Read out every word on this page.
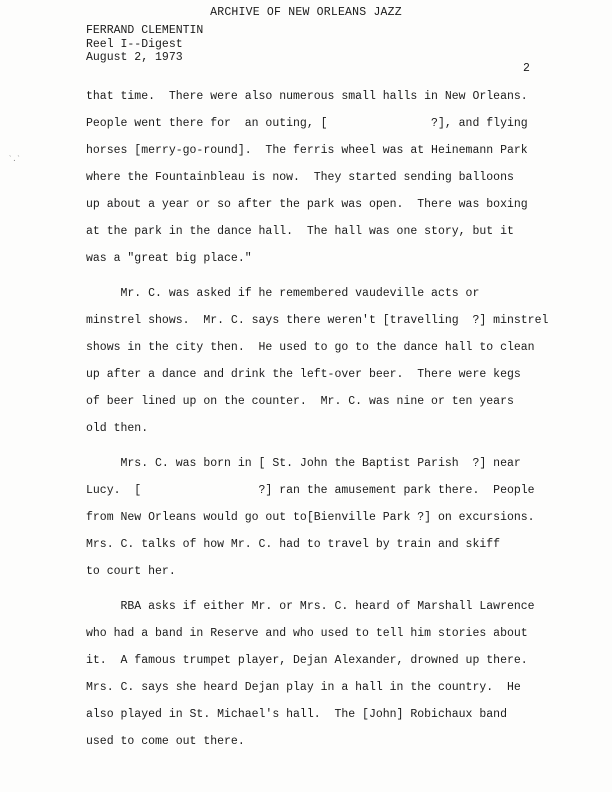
ARCHIVE OF NEW ORLEANS JAZZ
FERRAND CLEMENTIN
Reel I--Digest
August 2, 1973
2
`.`
that time.  There were also numerous small halls in New Orleans.
People went there for  an outing, [               ?], and flying
horses [merry-go-round].  The ferris wheel was at Heinemann Park
where the Fountainbleau is now.  They started sending balloons
up about a year or so after the park was open.  There was boxing
at the park in the dance hall.  The hall was one story, but it
was a "great big place."
Mr. C. was asked if he remembered vaudeville acts or
minstrel shows.  Mr. C. says there weren't [travelling  ?] minstrel
shows in the city then.  He used to go to the dance hall to clean
up after a dance and drink the left-over beer.  There were kegs
of beer lined up on the counter.  Mr. C. was nine or ten years
old then.
Mrs. C. was born in [ St. John the Baptist Parish  ?] near
Lucy.  [                 ?] ran the amusement park there.  People
from New Orleans would go out to[Bienville Park ?] on excursions.
Mrs. C. talks of how Mr. C. had to travel by train and skiff
to court her.
RBA asks if either Mr. or Mrs. C. heard of Marshall Lawrence
who had a band in Reserve and who used to tell him stories about
it.  A famous trumpet player, Dejan Alexander, drowned up there.
Mrs. C. says she heard Dejan play in a hall in the country.  He
also played in St. Michael's hall.  The [John] Robichaux band
used to come out there.
